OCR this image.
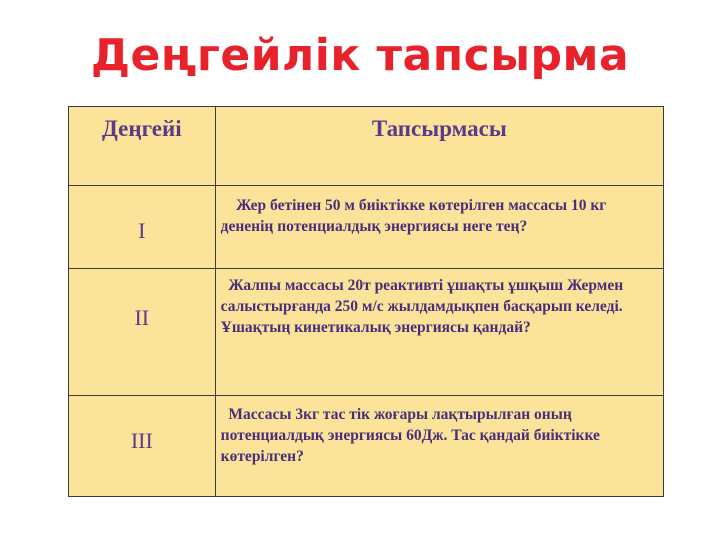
Деңгейлік тапсырма
Деңгейі	Тапсырмасы

I	Жер бетінен 50 м биіктікке көтерілген массасы 10 кг дененің потенциалдық энергиясы неге тең?

II	Жалпы массасы 20т реактивті ұшақты ұшқыш Жермен салыстырғанда 250 м/с жылдамдықпен басқарып келеді. Ұшақтың кинетикалық энергиясы қандай?

III	Массасы 3кг тас тік жоғары лақтырылған оның потенциалдық энергиясы 60Дж. Тас қандай биіктікке көтерілген?
